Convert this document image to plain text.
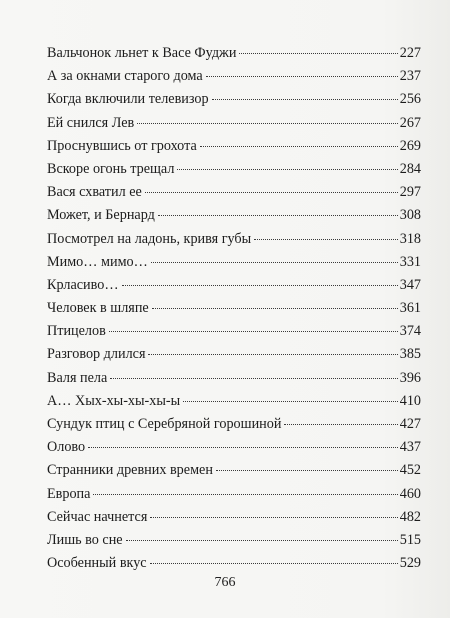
Вальчонок льнет к Васе Фуджи	227
А за окнами старого дома	237
Когда включили телевизор	256
Ей снился Лев	267
Проснувшись от грохота	269
Вскоре огонь трещал	284
Вася схватил ее	297
Может, и Бернард	308
Посмотрел на ладонь, кривя губы	318
Мимо… мимо…	331
Крласиво…	347
Человек в шляпе	361
Птицелов	374
Разговор длился	385
Валя пела	396
А… Хых-хы-хы-хы-ы	410
Сундук птиц с Серебряной горошиной	427
Олово	437
Странники древних времен	452
Европа	460
Сейчас начнется	482
Лишь во сне	515
Особенный вкус	529
766
